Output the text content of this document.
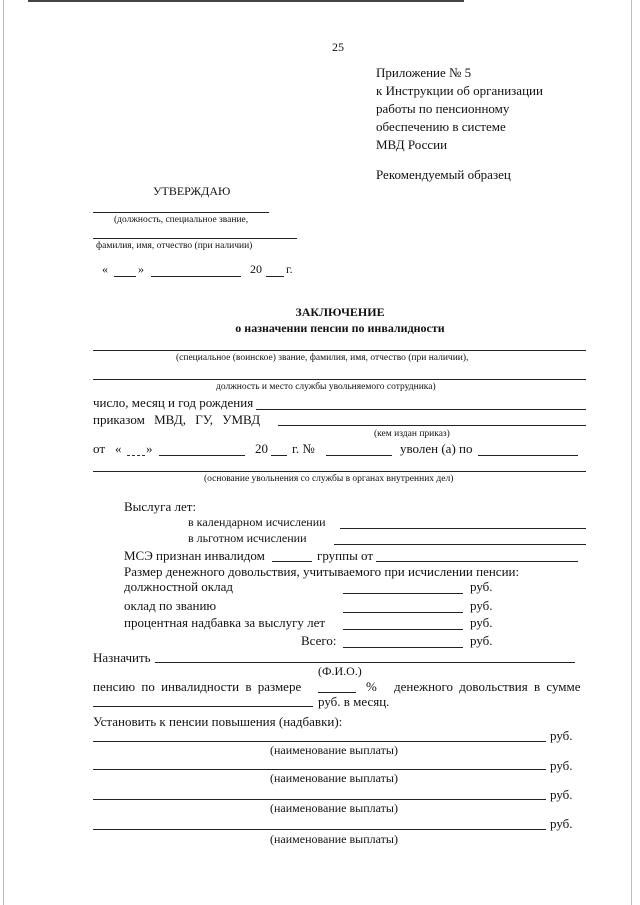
25
Приложение № 5
к Инструкции об организации
работы по пенсионному
обеспечению в системе
МВД России
Рекомендуемый образец
УТВЕРЖДАЮ
(должность, специальное звание,
фамилия, имя, отчество (при наличии)
«	»	20 г.
ЗАКЛЮЧЕНИЕ
о назначении пенсии по инвалидности
(специальное (воинское) звание, фамилия, имя, отчество (при наличии),
должность и место службы увольняемого сотрудника)
число, месяц и год рождения
приказом МВД, ГУ, УМВД
(кем издан приказ)
от « »	20 г. №	уволен (а) по
(основание увольнения со службы в органах внутренних дел)
Выслуга лет:
в календарном исчислении
в льготном исчислении
МСЭ признан инвалидом	группы от
Размер денежного довольствия, учитываемого при исчислении пенсии:
должностной оклад	руб.
оклад по званию	руб.
процентная надбавка за выслугу лет	руб.
Всего:	руб.
Назначить
(Ф.И.О.)
пенсию по инвалидности в размере	% денежного довольствия в сумме
руб. в месяц.
Установить к пенсии повышения (надбавки):
руб.
(наименование выплаты)
руб.
(наименование выплаты)
руб.
(наименование выплаты)
руб.
(наименование выплаты)
